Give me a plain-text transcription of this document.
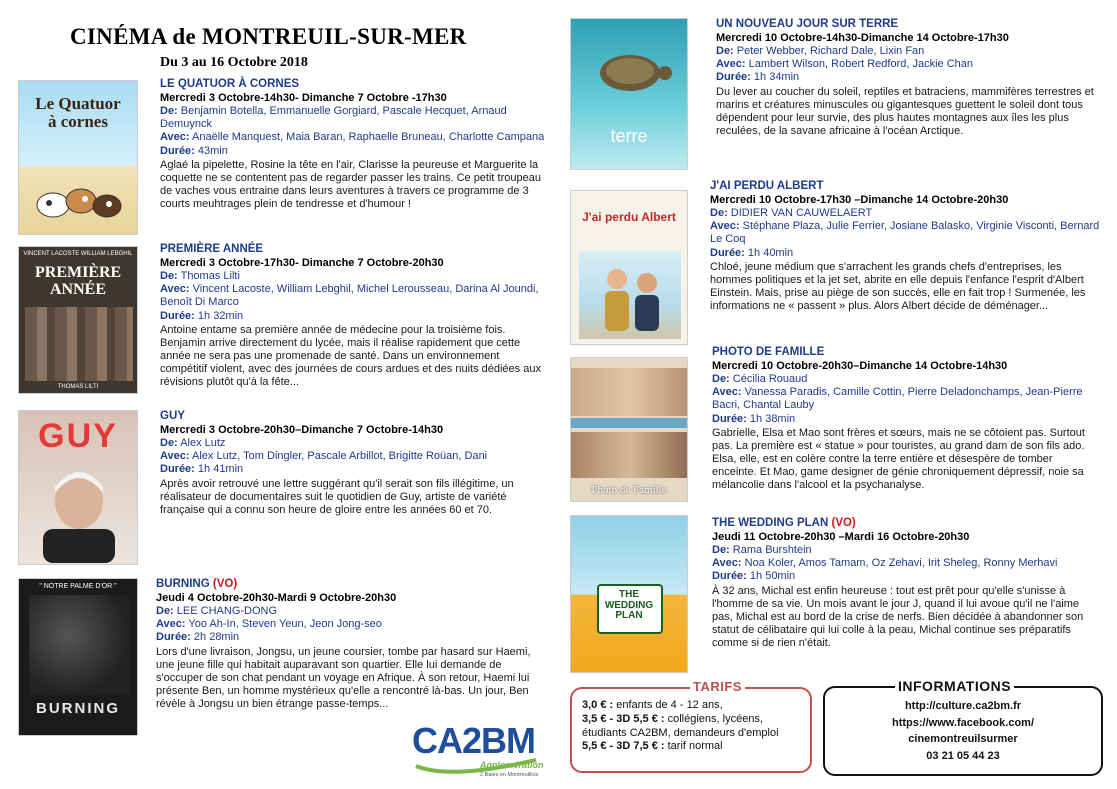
CINÉMA de MONTREUIL-SUR-MER
Du 3 au 16 Octobre 2018
Le Quatuor à cornes
VINCENT LACOSTE WILLIAM LEBGHIL
PREMIÈRE ANNÉE
THOMAS LILTI
GUY
" NOTRE PALME D'OR "
BURNING
terre
J'ai perdu Albert
Photo de Famille
THE WEDDING PLAN
LE QUATUOR À CORNES
Mercredi 3 Octobre-14h30- Dimanche 7 Octobre -17h30
De: Benjamin Botella, Emmanuelle Gorgiard, Pascale Hecquet, Arnaud Demuynck
Avec: Anaëlle Manquest, Maia Baran, Raphaelle Bruneau, Charlotte Campana
Durée: 43min
Aglaé la pipelette, Rosine la tête en l'air, Clarisse la peureuse et Marguerite la coquette ne se contentent pas de regarder passer les trains. Ce petit troupeau de vaches vous entraine dans leurs aventures à travers ce programme de 3 courts meuhtrages plein de tendresse et d'humour !
PREMIÈRE ANNÉE
Mercredi 3 Octobre-17h30- Dimanche 7 Octobre-20h30
De: Thomas Lilti
Avec: Vincent Lacoste, William Lebghil, Michel Lerousseau, Darina Al Joundi, Benoît Di Marco
Durée: 1h 32min
Antoine entame sa première année de médecine pour la troisième fois. Benjamin arrive directement du lycée, mais il réalise rapidement que cette année ne sera pas une promenade de santé. Dans un environnement compétitif violent, avec des journées de cours ardues et des nuits dédiées aux révisions plutôt qu'à la fête...
GUY
Mercredi 3 Octobre-20h30–Dimanche 7 Octobre-14h30
De: Alex Lutz
Avec: Alex Lutz, Tom Dingler, Pascale Arbillot, Brigitte Roüan, Dani
Durée: 1h 41min
Après avoir retrouvé une lettre suggérant qu'il serait son fils illégitime, un réalisateur de documentaires suit le quotidien de Guy, artiste de variété française qui a connu son heure de gloire entre les années 60 et 70.
BURNING (VO)
Jeudi 4 Octobre-20h30-Mardi 9 Octobre-20h30
De: LEE CHANG-DONG
Avec: Yoo Ah-In, Steven Yeun, Jeon Jong-seo
Durée: 2h 28min
Lors d'une livraison, Jongsu, un jeune coursier, tombe par hasard sur Haemi, une jeune fille qui habitait auparavant son quartier. Elle lui demande de s'occuper de son chat pendant un voyage en Afrique. À son retour, Haemi lui présente Ben, un homme mystérieux qu'elle a rencontré là-bas. Un jour, Ben révèle à Jongsu un bien étrange passe-temps...
UN NOUVEAU JOUR SUR TERRE
Mercredi 10 Octobre-14h30-Dimanche 14 Octobre-17h30
De: Peter Webber, Richard Dale, Lixin Fan
Avec: Lambert Wilson, Robert Redford, Jackie Chan
Durée: 1h 34min
Du lever au coucher du soleil, reptiles et batraciens, mammifères terrestres et marins et créatures minuscules ou gigantesques guettent le soleil dont tous dépendent pour leur survie, des plus hautes montagnes aux îles les plus reculées, de la savane africaine à l'océan Arctique.
J'AI PERDU ALBERT
Mercredi 10 Octobre-17h30 –Dimanche 14 Octobre-20h30
De: DIDIER VAN CAUWELAERT
Avec: Stéphane Plaza, Julie Ferrier, Josiane Balasko, Virginie Visconti, Bernard Le Coq
Durée: 1h 40min
Chloé, jeune médium que s'arrachent les grands chefs d'entreprises, les hommes politiques et la jet set, abrite en elle depuis l'enfance l'esprit d'Albert Einstein. Mais, prise au piège de son succès, elle en fait trop ! Surmenée, les informations ne « passent » plus. Alors Albert décide de déménager...
PHOTO DE FAMILLE
Mercredi 10 Octobre-20h30–Dimanche 14 Octobre-14h30
De: Cécilia Rouaud
Avec: Vanessa Paradis, Camille Cottin, Pierre Deladonchamps, Jean-Pierre Bacri, Chantal Lauby
Durée: 1h 38min
Gabrielle, Elsa et Mao sont frères et sœurs, mais ne se côtoient pas. Surtout pas. La première est « statue » pour touristes, au grand dam de son fils ado. Elsa, elle, est en colère contre la terre entière et désespère de tomber enceinte. Et Mao, game designer de génie chroniquement dépressif, noie sa mélancolie dans l'alcool et la psychanalyse.
THE WEDDING PLAN (VO)
Jeudi 11 Octobre-20h30 –Mardi 16 Octobre-20h30
De: Rama Burshtein
Avec: Noa Koler, Amos Tamam, Oz Zehavi, Irit Sheleg, Ronny Merhavi
Durée: 1h 50min
À 32 ans, Michal est enfin heureuse : tout est prêt pour qu'elle s'unisse à l'homme de sa vie. Un mois avant le jour J, quand il lui avoue qu'il ne l'aime pas, Michal est au bord de la crise de nerfs. Bien décidée à abandonner son statut de célibataire qui lui colle à la peau, Michal continue ses préparatifs comme si de rien n'était.
CA2BM
Agglomération
2 Baies en Montreuillois
TARIFS
3,0 € : enfants de 4 - 12 ans,
3,5 € - 3D 5,5 € : collégiens, lycéens, étudiants CA2BM, demandeurs d'emploi
5,5 € - 3D 7,5 € : tarif normal
INFORMATIONS
http://culture.ca2bm.fr
https://www.facebook.com/
cinemontreuilsurmer
03 21 05 44 23
